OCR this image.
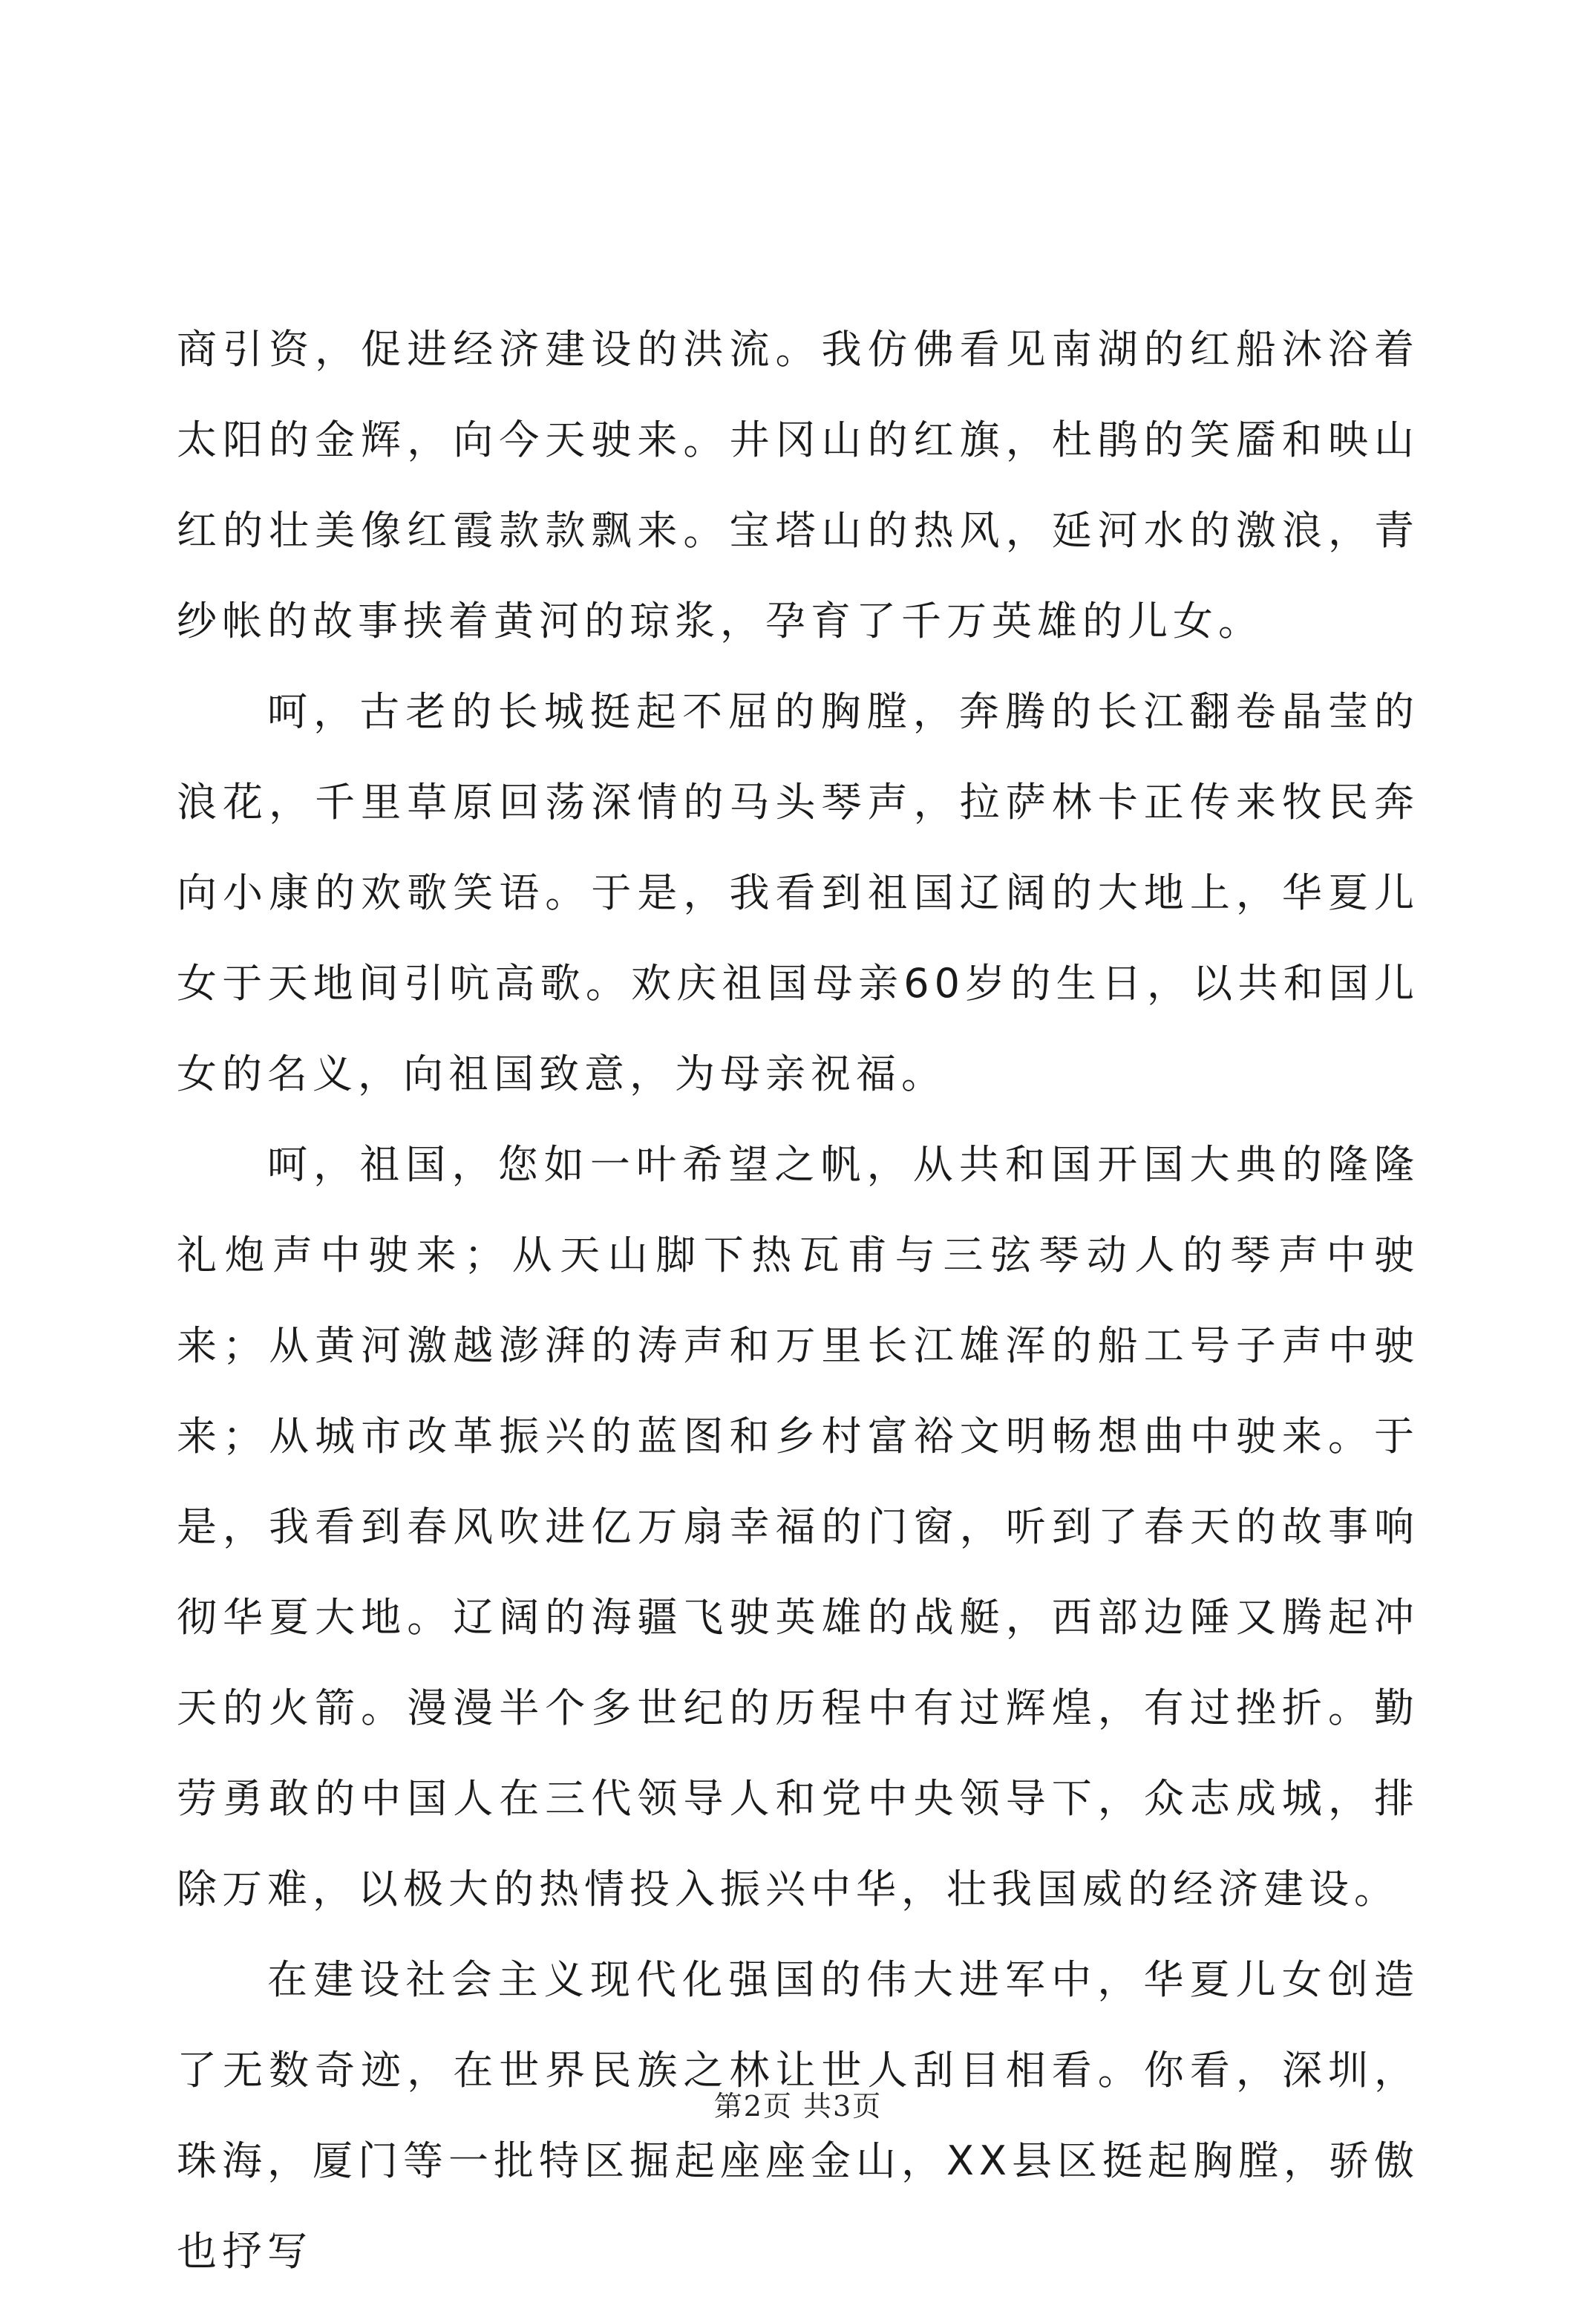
商引资，促进经济建设的洪流。我仿佛看见南湖的红船沐浴着太阳的金辉，向今天驶来。井冈山的红旗，杜鹃的笑靥和映山红的壮美像红霞款款飘来。宝塔山的热风，延河水的激浪，青纱帐的故事挟着黄河的琼浆，孕育了千万英雄的儿女。

呵，古老的长城挺起不屈的胸膛，奔腾的长江翻卷晶莹的浪花，千里草原回荡深情的马头琴声，拉萨林卡正传来牧民奔向小康的欢歌笑语。于是，我看到祖国辽阔的大地上，华夏儿女于天地间引吭高歌。欢庆祖国母亲60岁的生日，以共和国儿女的名义，向祖国致意，为母亲祝福。

呵，祖国，您如一叶希望之帆，从共和国开国大典的隆隆礼炮声中驶来；从天山脚下热瓦甫与三弦琴动人的琴声中驶来；从黄河激越澎湃的涛声和万里长江雄浑的船工号子声中驶来；从城市改革振兴的蓝图和乡村富裕文明畅想曲中驶来。于是，我看到春风吹进亿万扇幸福的门窗，听到了春天的故事响彻华夏大地。辽阔的海疆飞驶英雄的战艇，西部边陲又腾起冲天的火箭。漫漫半个多世纪的历程中有过辉煌，有过挫折。勤劳勇敢的中国人在三代领导人和党中央领导下，众志成城，排除万难，以极大的热情投入振兴中华，壮我国威的经济建设。

在建设社会主义现代化强国的伟大进军中，华夏儿女创造了无数奇迹，在世界民族之林让世人刮目相看。你看，深圳，珠海，厦门等一批特区掘起座座金山，XX县区挺起胸膛，骄傲也抒写

第2页 共3页
